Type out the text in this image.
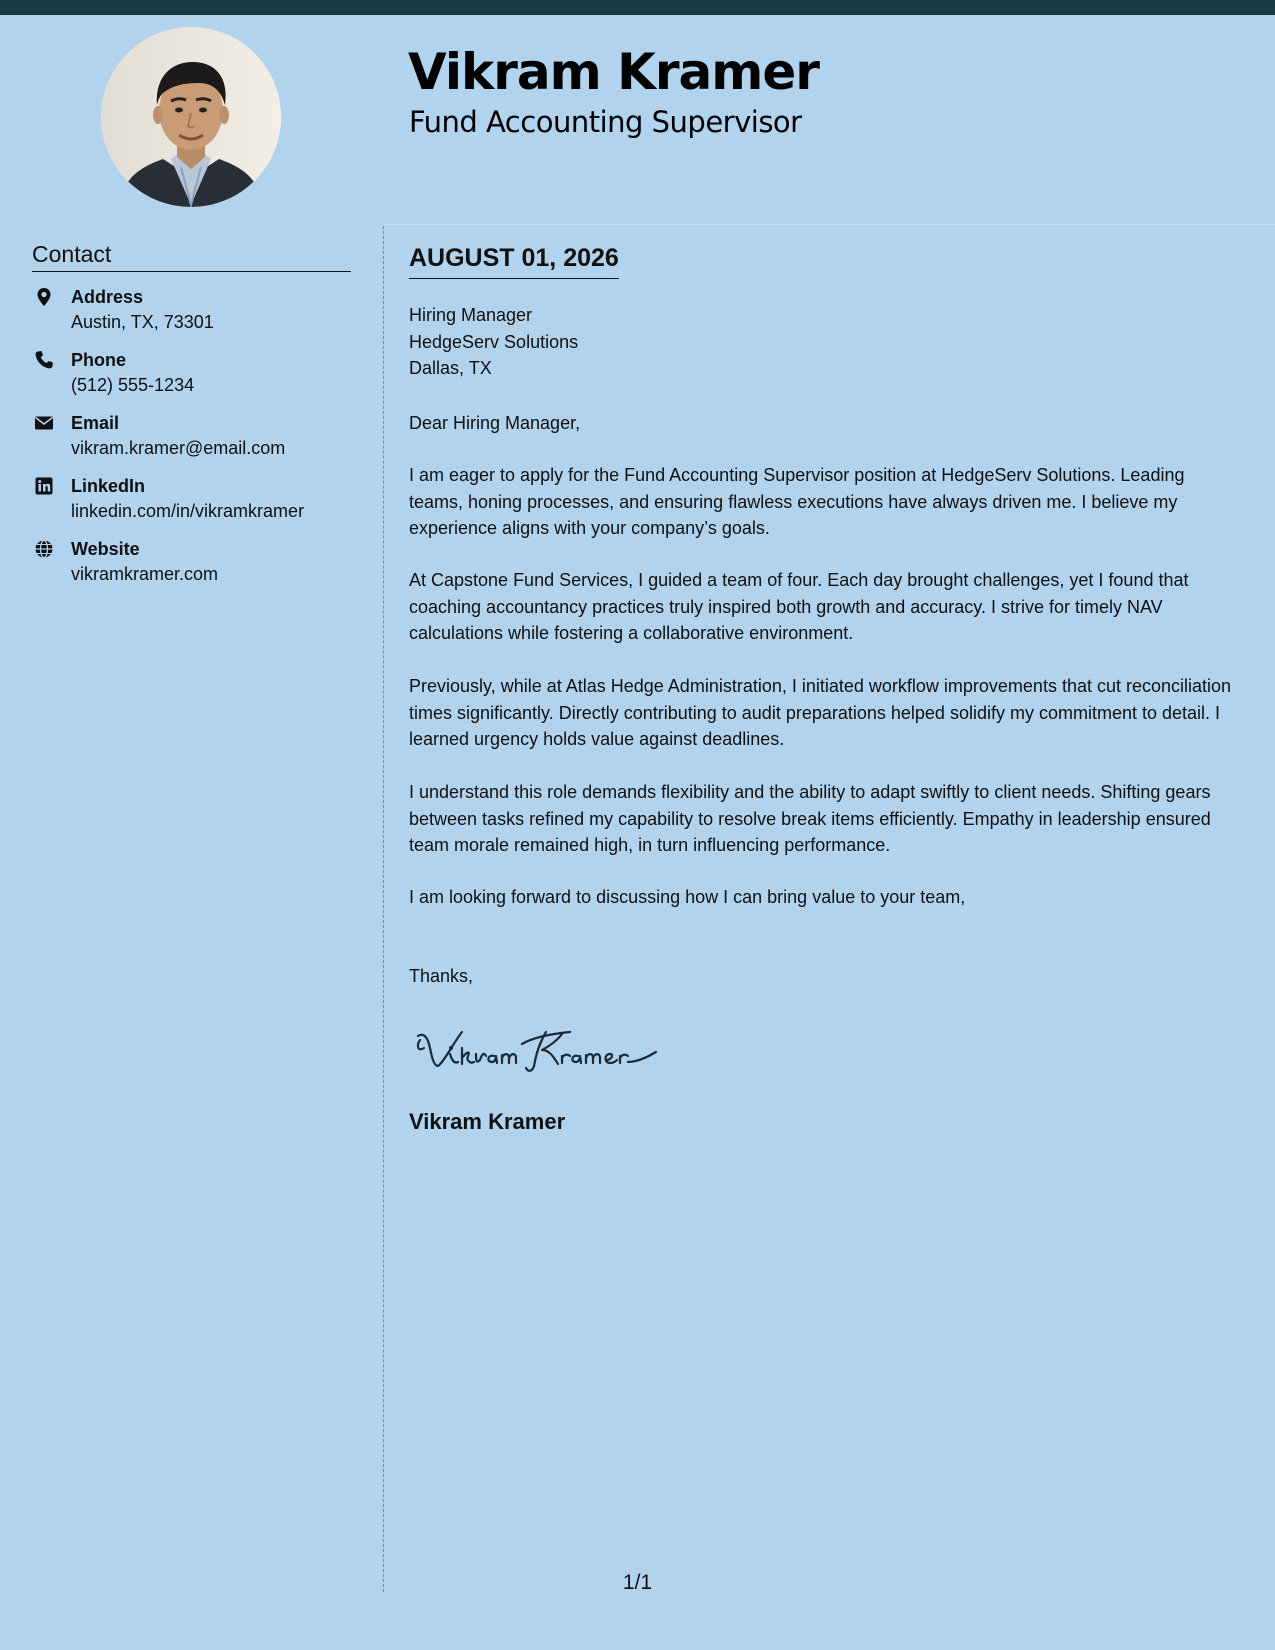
Vikram Kramer
Fund Accounting Supervisor
Contact
Address
Austin, TX, 73301
Phone
(512) 555-1234
Email
vikram.kramer@email.com
LinkedIn
linkedin.com/in/vikramkramer
Website
vikramkramer.com
AUGUST 01, 2026
Hiring Manager
HedgeServ Solutions
Dallas, TX
Dear Hiring Manager,

I am eager to apply for the Fund Accounting Supervisor position at HedgeServ Solutions. Leading teams, honing processes, and ensuring flawless executions have always driven me. I believe my experience aligns with your company’s goals.

At Capstone Fund Services, I guided a team of four. Each day brought challenges, yet I found that coaching accountancy practices truly inspired both growth and accuracy. I strive for timely NAV calculations while fostering a collaborative environment.

Previously, while at Atlas Hedge Administration, I initiated workflow improvements that cut reconciliation times significantly. Directly contributing to audit preparations helped solidify my commitment to detail. I learned urgency holds value against deadlines.

I understand this role demands flexibility and the ability to adapt swiftly to client needs. Shifting gears between tasks refined my capability to resolve break items efficiently. Empathy in leadership ensured team morale remained high, in turn influencing performance.

I am looking forward to discussing how I can bring value to your team,

Thanks,
Vikram Kramer
1/1
